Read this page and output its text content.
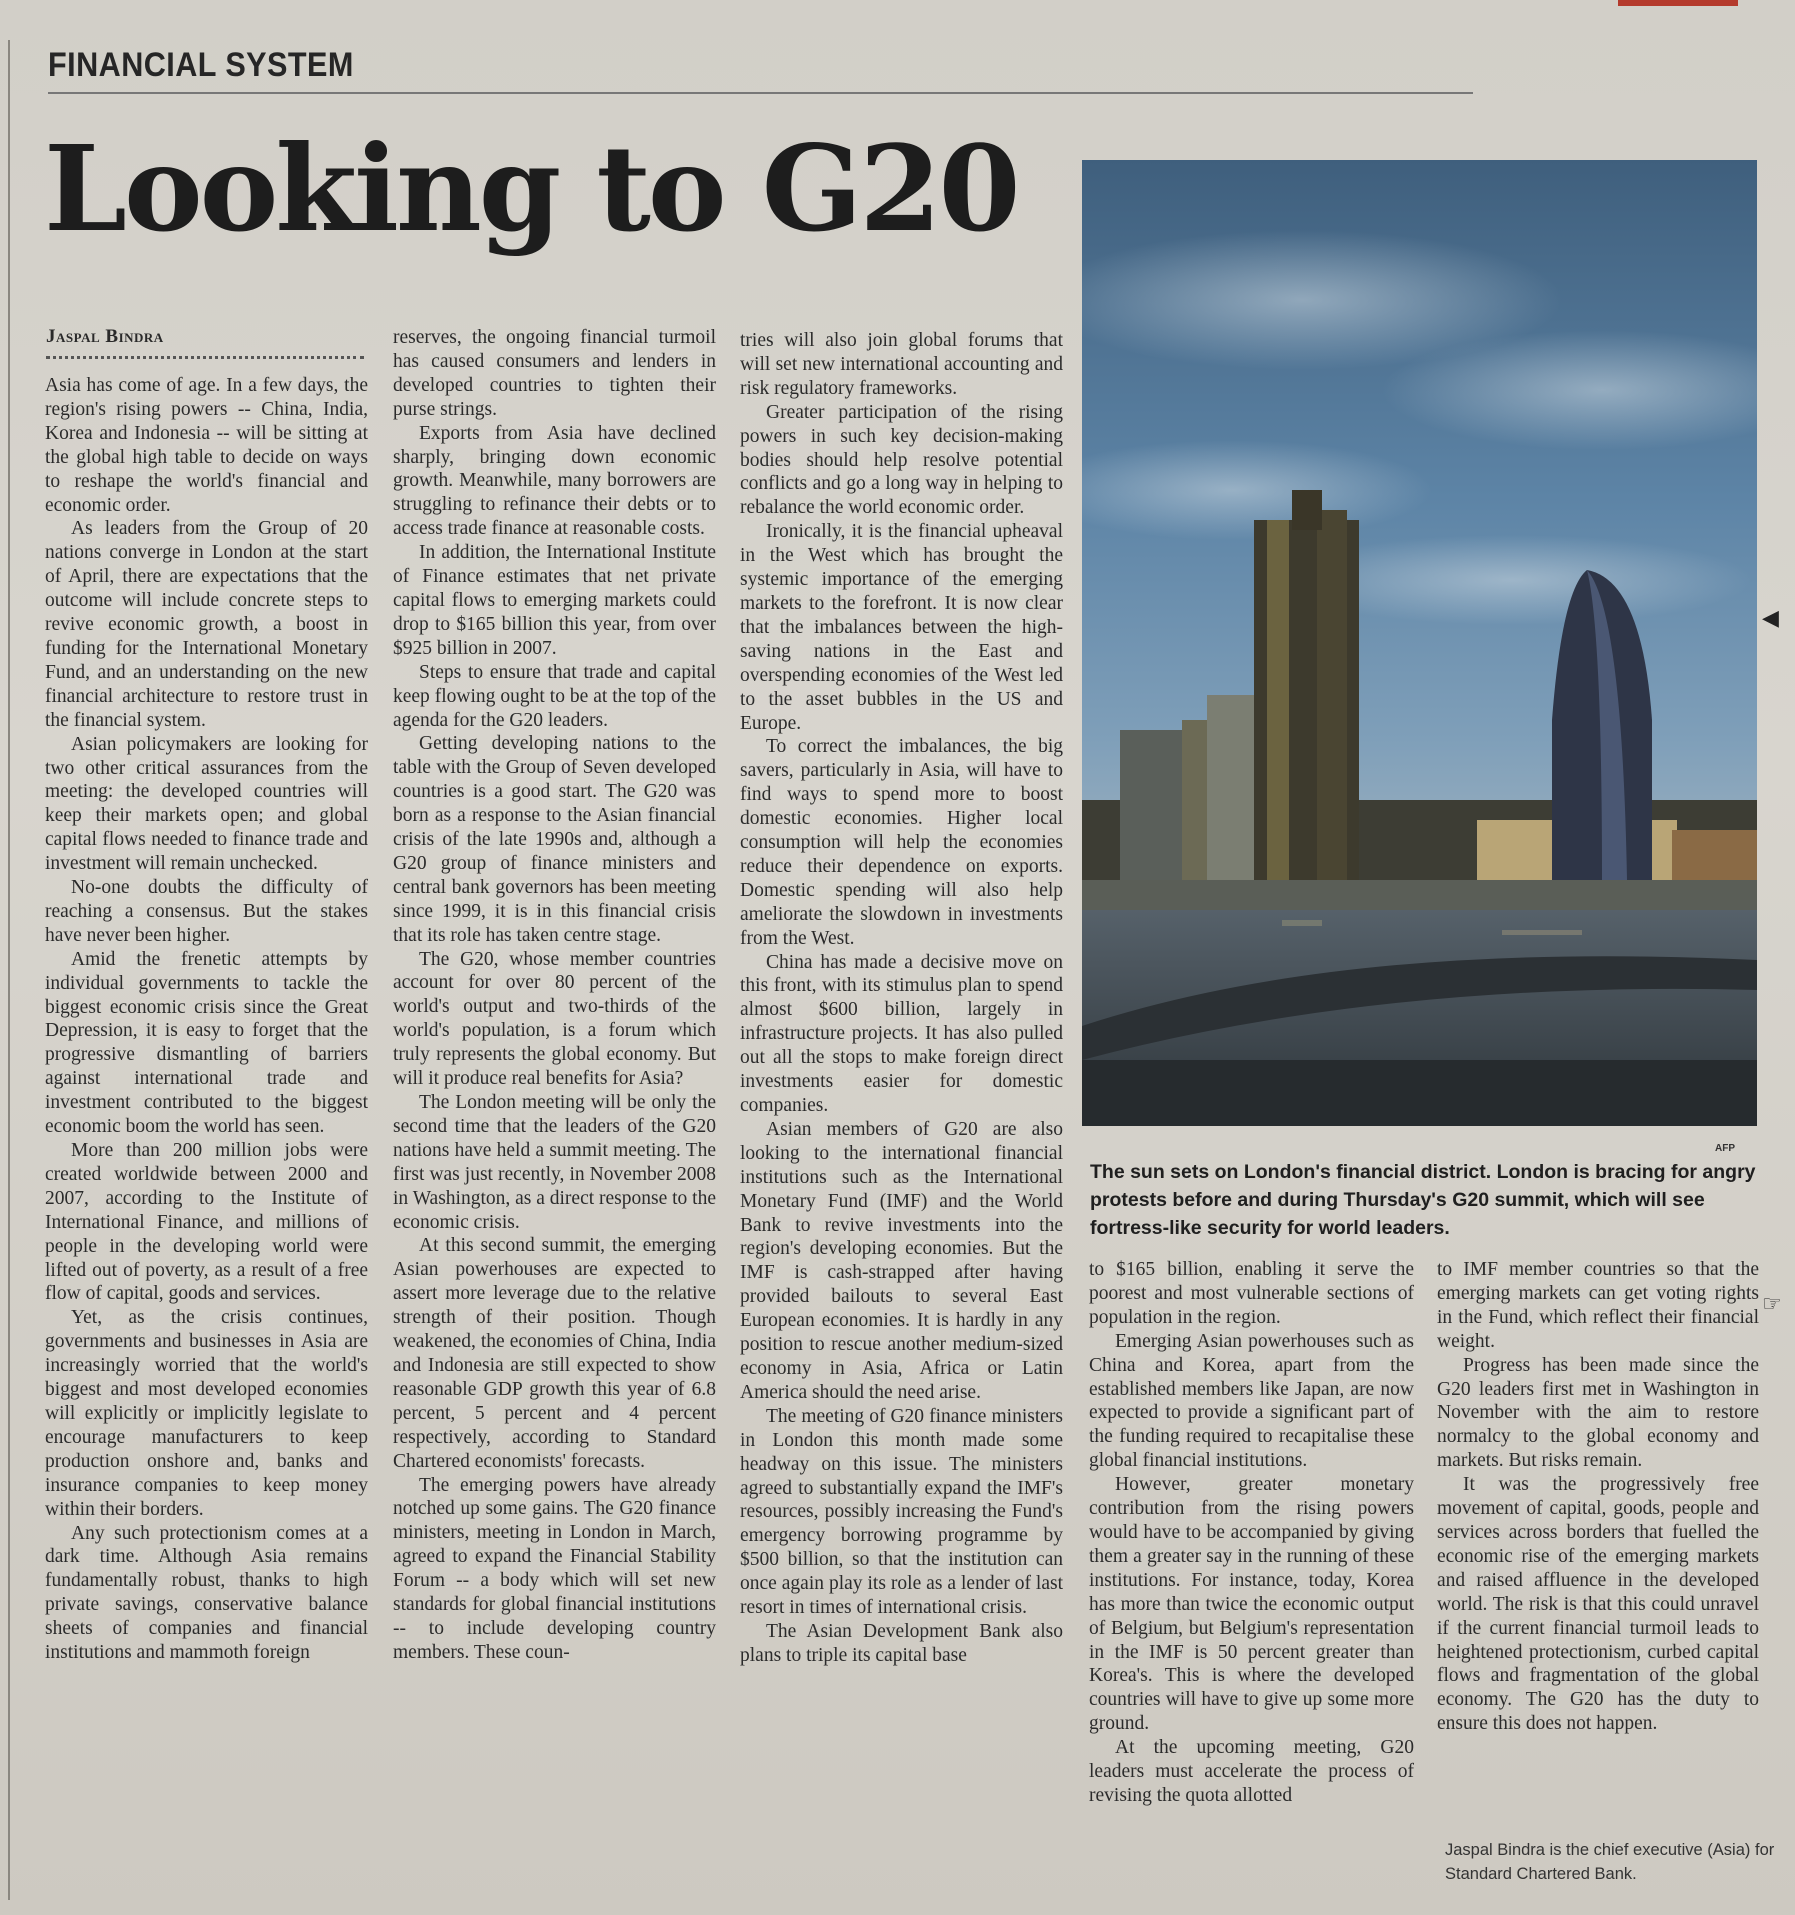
FINANCIAL SYSTEM
Looking to G20
Jaspal Bindra

Asia has come of age. In a few days, the region's rising powers -- China, India, Korea and Indonesia -- will be sitting at the global high table to decide on ways to reshape the world's financial and economic order.

As leaders from the Group of 20 nations converge in London at the start of April, there are expectations that the outcome will include concrete steps to revive economic growth, a boost in funding for the International Monetary Fund, and an understanding on the new financial architecture to restore trust in the financial system.

Asian policymakers are looking for two other critical assurances from the meeting: the developed countries will keep their markets open; and global capital flows needed to finance trade and investment will remain unchecked.

No-one doubts the difficulty of reaching a consensus. But the stakes have never been higher.

Amid the frenetic attempts by individual governments to tackle the biggest economic crisis since the Great Depression, it is easy to forget that the progressive dismantling of barriers against international trade and investment contributed to the biggest economic boom the world has seen.

More than 200 million jobs were created worldwide between 2000 and 2007, according to the Institute of International Finance, and millions of people in the developing world were lifted out of poverty, as a result of a free flow of capital, goods and services.

Yet, as the crisis continues, governments and businesses in Asia are increasingly worried that the world's biggest and most developed economies will explicitly or implicitly legislate to encourage manufacturers to keep production onshore and, banks and insurance companies to keep money within their borders.

Any such protectionism comes at a dark time. Although Asia remains fundamentally robust, thanks to high private savings, conservative balance sheets of companies and financial institutions and mammoth foreign

reserves, the ongoing financial turmoil has caused consumers and lenders in developed countries to tighten their purse strings.

Exports from Asia have declined sharply, bringing down economic growth. Meanwhile, many borrowers are struggling to refinance their debts or to access trade finance at reasonable costs.

In addition, the International Institute of Finance estimates that net private capital flows to emerging markets could drop to $165 billion this year, from over $925 billion in 2007.

Steps to ensure that trade and capital keep flowing ought to be at the top of the agenda for the G20 leaders.

Getting developing nations to the table with the Group of Seven developed countries is a good start. The G20 was born as a response to the Asian financial crisis of the late 1990s and, although a G20 group of finance ministers and central bank governors has been meeting since 1999, it is in this financial crisis that its role has taken centre stage.

The G20, whose member countries account for over 80 percent of the world's output and two-thirds of the world's population, is a forum which truly represents the global economy. But will it produce real benefits for Asia?

The London meeting will be only the second time that the leaders of the G20 nations have held a summit meeting. The first was just recently, in November 2008 in Washington, as a direct response to the economic crisis.

At this second summit, the emerging Asian powerhouses are expected to assert more leverage due to the relative strength of their position. Though weakened, the economies of China, India and Indonesia are still expected to show reasonable GDP growth this year of 6.8 percent, 5 percent and 4 percent respectively, according to Standard Chartered economists' forecasts.

The emerging powers have already notched up some gains. The G20 finance ministers, meeting in London in March, agreed to expand the Financial Stability Forum -- a body which will set new standards for global financial institutions -- to include developing country members. These coun-

tries will also join global forums that will set new international accounting and risk regulatory frameworks.

Greater participation of the rising powers in such key decision-making bodies should help resolve potential conflicts and go a long way in helping to rebalance the world economic order.

Ironically, it is the financial upheaval in the West which has brought the systemic importance of the emerging markets to the forefront. It is now clear that the imbalances between the high-saving nations in the East and overspending economies of the West led to the asset bubbles in the US and Europe.

To correct the imbalances, the big savers, particularly in Asia, will have to find ways to spend more to boost domestic economies. Higher local consumption will help the economies reduce their dependence on exports. Domestic spending will also help ameliorate the slowdown in investments from the West.

China has made a decisive move on this front, with its stimulus plan to spend almost $600 billion, largely in infrastructure projects. It has also pulled out all the stops to make foreign direct investments easier for domestic companies.

Asian members of G20 are also looking to the international financial institutions such as the International Monetary Fund (IMF) and the World Bank to revive investments into the region's developing economies. But the IMF is cash-strapped after having provided bailouts to several East European economies. It is hardly in any position to rescue another medium-sized economy in Asia, Africa or Latin America should the need arise.

The meeting of G20 finance ministers in London this month made some headway on this issue. The ministers agreed to substantially expand the IMF's resources, possibly increasing the Fund's emergency borrowing programme by $500 billion, so that the institution can once again play its role as a lender of last resort in times of international crisis.

The Asian Development Bank also plans to triple its capital base

to $165 billion, enabling it serve the poorest and most vulnerable sections of population in the region.

Emerging Asian powerhouses such as China and Korea, apart from the established members like Japan, are now expected to provide a significant part of the funding required to recapitalise these global financial institutions.

However, greater monetary contribution from the rising powers would have to be accompanied by giving them a greater say in the running of these institutions. For instance, today, Korea has more than twice the economic output of Belgium, but Belgium's representation in the IMF is 50 percent greater than Korea's. This is where the developed countries will have to give up some more ground.

At the upcoming meeting, G20 leaders must accelerate the process of revising the quota allotted

to IMF member countries so that the emerging markets can get voting rights in the Fund, which reflect their financial weight.

Progress has been made since the G20 leaders first met in Washington in November with the aim to restore normalcy to the global economy and markets. But risks remain.

It was the progressively free movement of capital, goods, people and services across borders that fuelled the economic rise of the emerging markets and raised affluence in the developed world. The risk is that this could unravel if the current financial turmoil leads to heightened protectionism, curbed capital flows and fragmentation of the global economy. The G20 has the duty to ensure this does not happen.

AFP
The sun sets on London's financial district. London is bracing for angry protests before and during Thursday's G20 summit, which will see fortress-like security for world leaders.
Jaspal Bindra is the chief executive (Asia) for Standard Chartered Bank.
◀
☞
